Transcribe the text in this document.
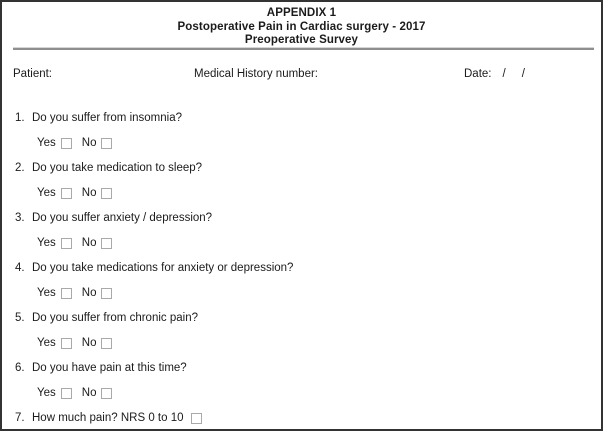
APPENDIX 1
Postoperative Pain in Cardiac surgery - 2017
Preoperative Survey
Patient:	Medical History number:	Date: / /
1. Do you suffer from insomnia?
Yes No
2. Do you take medication to sleep?
Yes No
3. Do you suffer anxiety / depression?
Yes No
4. Do you take medications for anxiety or depression?
Yes No
5. Do you suffer from chronic pain?
Yes No
6. Do you have pain at this time?
Yes No
7. How much pain? NRS 0 to 10
